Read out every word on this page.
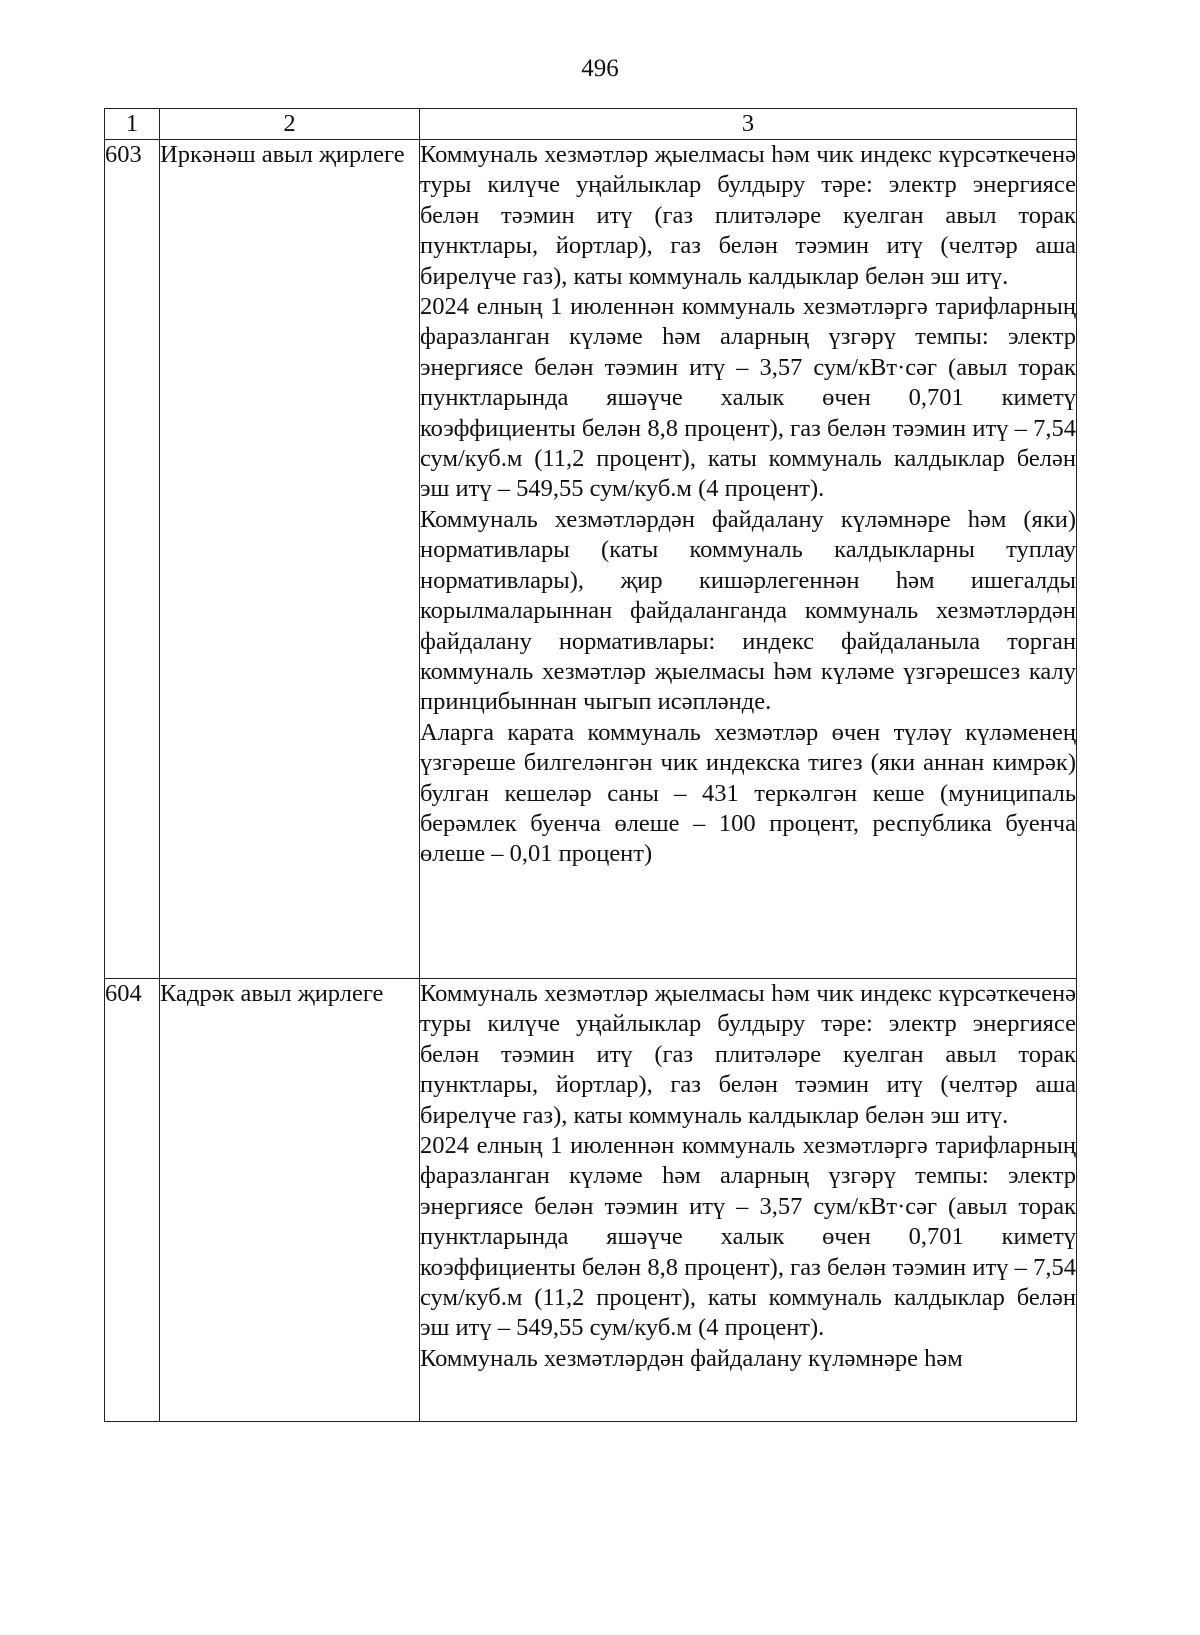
496
1	2	3
603	Иркәнәш авыл җирлеге	Коммуналь хезмәтләр җыелмасы һәм чик индекс күрсәткеченә туры килүче уңайлыклар булдыру тәре: электр энергиясе белән тәэмин итү (газ плитәләре куелган авыл торак пунктлары, йортлар), газ белән тәэмин итү (челтәр аша бирелүче газ), каты коммуналь калдыклар белән эш итү.

2024 елның 1 июленнән коммуналь хезмәтләргә тарифларның фаразланган күләме һәм аларның үзгәрү темпы: электр энергиясе белән тәэмин итү – 3,57 сум/кВт·сәг (авыл торак пунктларында яшәүче халык өчен 0,701 киметү коэффициенты белән 8,8 процент), газ белән тәэмин итү – 7,54 сум/куб.м (11,2 процент), каты коммуналь калдыклар белән эш итү – 549,55 сум/куб.м (4 процент).

Коммуналь хезмәтләрдән файдалану күләмнәре һәм (яки) нормативлары (каты коммуналь калдыкларны туплау нормативлары), җир кишәрлегеннән һәм ишегалды корылмаларыннан файдаланганда коммуналь хезмәтләрдән файдалану нормативлары: индекс файдаланыла торган коммуналь хезмәтләр җыелмасы һәм күләме үзгәрешсез калу принцибыннан чыгып исәпләнде.

Аларга карата коммуналь хезмәтләр өчен түләү күләменең үзгәреше билгеләнгән чик индекска тигез (яки аннан кимрәк) булган кешеләр саны – 431 теркәлгән кеше (муниципаль берәмлек буенча өлеше – 100 процент, республика буенча өлеше – 0,01 процент)

604	Кадрәк авыл җирлеге	Коммуналь хезмәтләр җыелмасы һәм чик индекс күрсәткеченә туры килүче уңайлыклар булдыру тәре: электр энергиясе белән тәэмин итү (газ плитәләре куелган авыл торак пунктлары, йортлар), газ белән тәэмин итү (челтәр аша бирелүче газ), каты коммуналь калдыклар белән эш итү.

2024 елның 1 июленнән коммуналь хезмәтләргә тарифларның фаразланган күләме һәм аларның үзгәрү темпы: электр энергиясе белән тәэмин итү – 3,57 сум/кВт·сәг (авыл торак пунктларында яшәүче халык өчен 0,701 киметү коэффициенты белән 8,8 процент), газ белән тәэмин итү – 7,54 сум/куб.м (11,2 процент), каты коммуналь калдыклар белән эш итү – 549,55 сум/куб.м (4 процент).

Коммуналь хезмәтләрдән файдалану күләмнәре һәм
